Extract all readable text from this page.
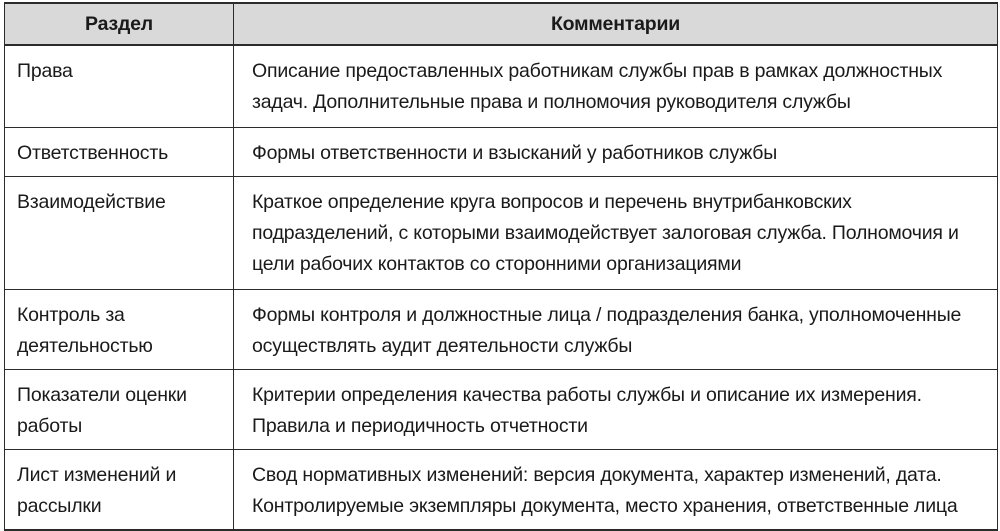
Раздел	Комментарии

Права	Описание предоставленных работникам службы прав в рамках должностных задач. Дополнительные права и полномочия руководителя службы

Ответственность	Формы ответственности и взысканий у работников службы

Взаимодействие	Краткое определение круга вопросов и перечень внутрибанковских подразделений, с которыми взаимодействует залоговая служба. Полномочия и цели рабочих контактов со сторонними организациями

Контроль за деятельностью	Формы контроля и должностные лица / подразделения банка, уполномоченные осуществлять аудит деятельности службы

Показатели оценки работы	Критерии определения качества работы службы и описание их измерения. Правила и периодичность отчетности

Лист изменений и рассылки	Свод нормативных изменений: версия документа, характер изменений, дата. Контролируемые экземпляры документа, место хранения, ответственные лица
